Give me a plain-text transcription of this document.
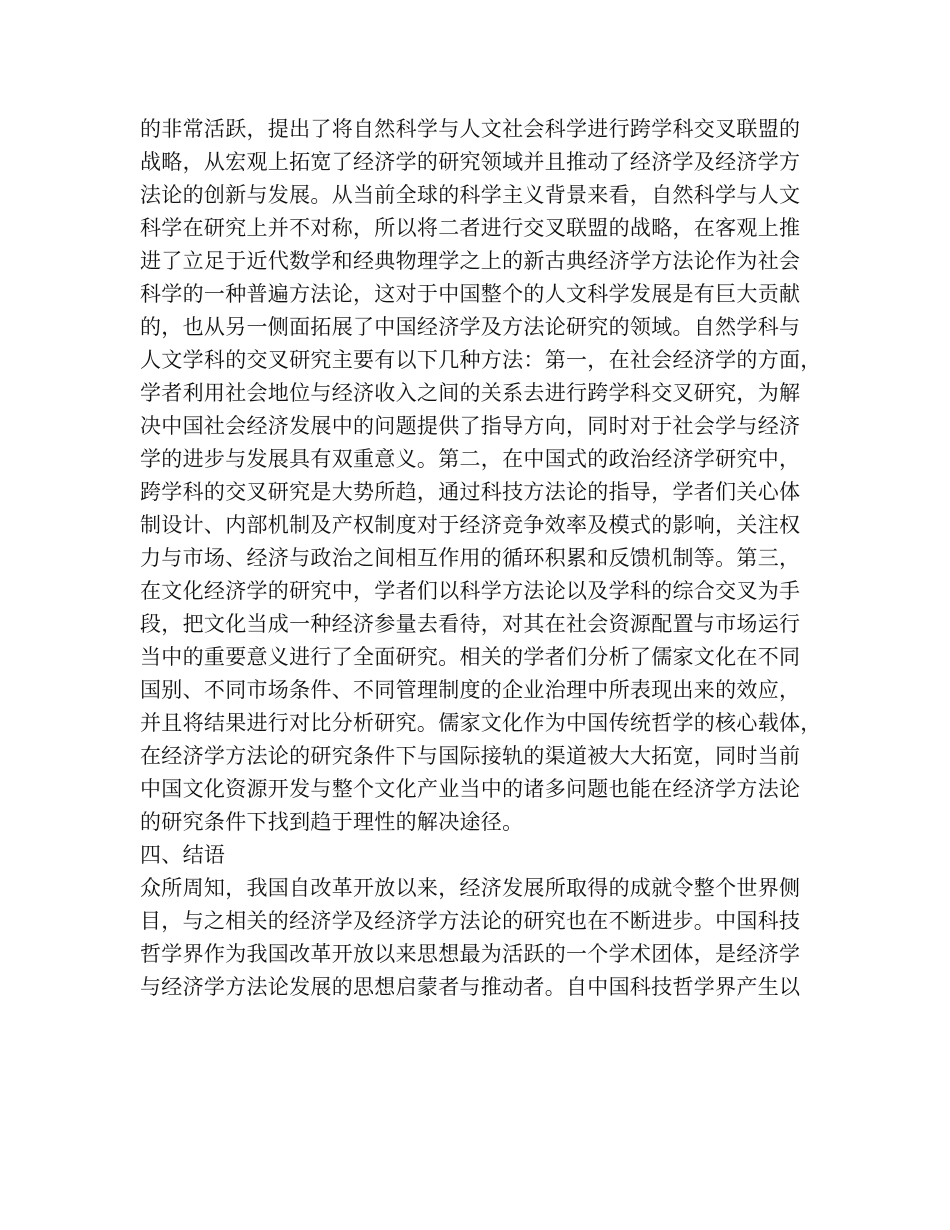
的非常活跃，提出了将自然科学与人文社会科学进行跨学科交叉联盟的
战略，从宏观上拓宽了经济学的研究领域并且推动了经济学及经济学方
法论的创新与发展。从当前全球的科学主义背景来看，自然科学与人文
科学在研究上并不对称，所以将二者进行交叉联盟的战略，在客观上推
进了立足于近代数学和经典物理学之上的新古典经济学方法论作为社会
科学的一种普遍方法论，这对于中国整个的人文科学发展是有巨大贡献
的，也从另一侧面拓展了中国经济学及方法论研究的领域。自然学科与
人文学科的交叉研究主要有以下几种方法：第一，在社会经济学的方面，
学者利用社会地位与经济收入之间的关系去进行跨学科交叉研究，为解
决中国社会经济发展中的问题提供了指导方向，同时对于社会学与经济
学的进步与发展具有双重意义。第二，在中国式的政治经济学研究中，
跨学科的交叉研究是大势所趋，通过科技方法论的指导，学者们关心体
制设计、内部机制及产权制度对于经济竞争效率及模式的影响，关注权
力与市场、经济与政治之间相互作用的循环积累和反馈机制等。第三，
在文化经济学的研究中，学者们以科学方法论以及学科的综合交叉为手
段，把文化当成一种经济参量去看待，对其在社会资源配置与市场运行
当中的重要意义进行了全面研究。相关的学者们分析了儒家文化在不同
国别、不同市场条件、不同管理制度的企业治理中所表现出来的效应，
并且将结果进行对比分析研究。儒家文化作为中国传统哲学的核心载体，
在经济学方法论的研究条件下与国际接轨的渠道被大大拓宽，同时当前
中国文化资源开发与整个文化产业当中的诸多问题也能在经济学方法论
的研究条件下找到趋于理性的解决途径。
四、结语
众所周知，我国自改革开放以来，经济发展所取得的成就令整个世界侧
目，与之相关的经济学及经济学方法论的研究也在不断进步。中国科技
哲学界作为我国改革开放以来思想最为活跃的一个学术团体，是经济学
与经济学方法论发展的思想启蒙者与推动者。自中国科技哲学界产生以
